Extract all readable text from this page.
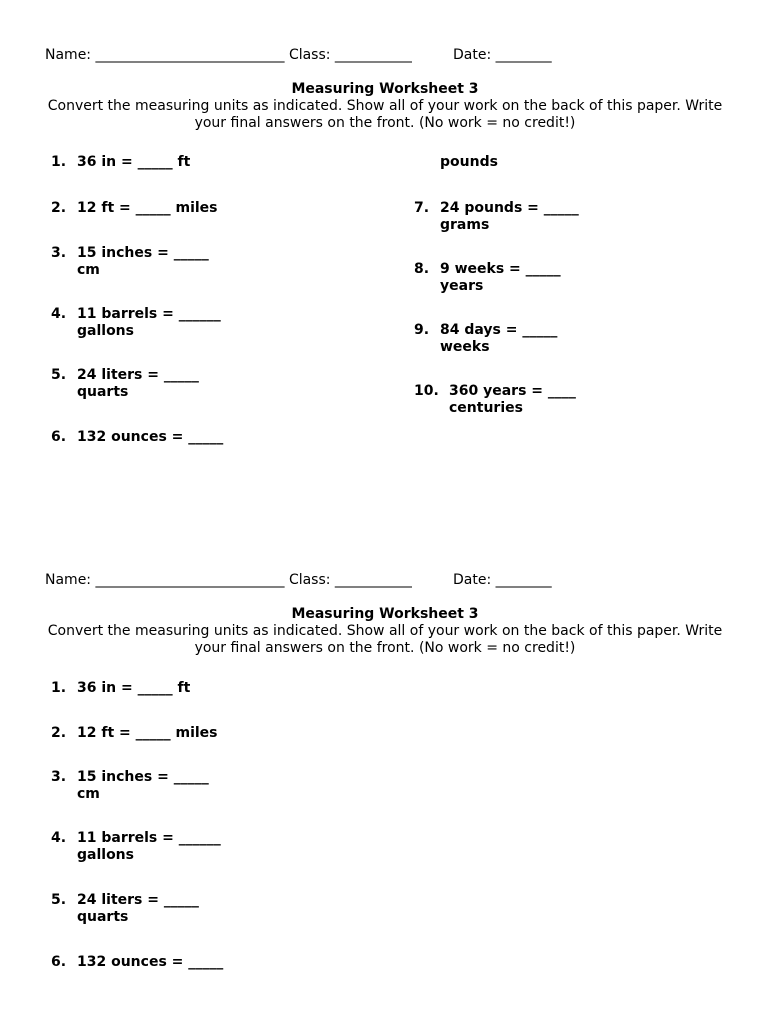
Name: ___________________________ Class: ___________	Date: ________
Measuring Worksheet 3
Convert the measuring units as indicated. Show all of your work on the back of this paper. Write your final answers on the front. (No work = no credit!)
1. 36 in = _____ ft
2. 12 ft = _____ miles
3. 15 inches = _____
cm
4. 11 barrels = ______
gallons
5. 24 liters = _____
quarts
6. 132 ounces = _____
pounds
7. 24 pounds = _____
grams
8. 9 weeks = _____
years
9. 84 days = _____
weeks
10. 360 years = ____
centuries
Name: ___________________________ Class: ___________	Date: ________
Measuring Worksheet 3
Convert the measuring units as indicated. Show all of your work on the back of this paper. Write your final answers on the front. (No work = no credit!)
1. 36 in = _____ ft
2. 12 ft = _____ miles
3. 15 inches = _____
cm
4. 11 barrels = ______
gallons
5. 24 liters = _____
quarts
6. 132 ounces = _____
